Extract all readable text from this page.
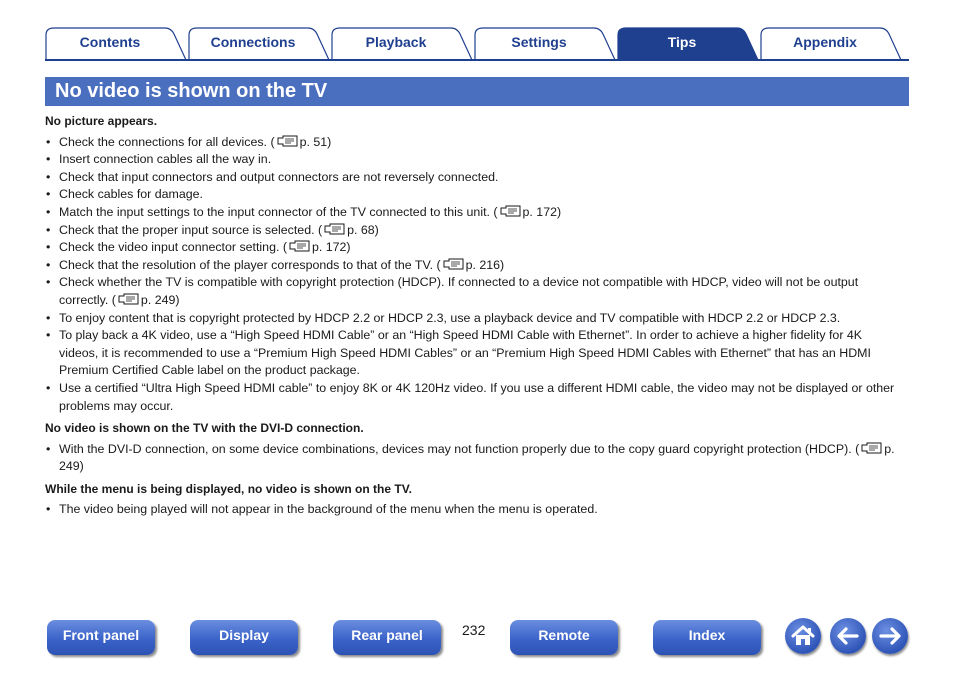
Contents	Connections	Playback	Settings	Tips	Appendix
No video is shown on the TV
No picture appears.
• Check the connections for all devices. ( p. 51)
• Insert connection cables all the way in.
• Check that input connectors and output connectors are not reversely connected.
• Check cables for damage.
• Match the input settings to the input connector of the TV connected to this unit. ( p. 172)
• Check that the proper input source is selected. ( p. 68)
• Check the video input connector setting. ( p. 172)
• Check that the resolution of the player corresponds to that of the TV. ( p. 216)
• Check whether the TV is compatible with copyright protection (HDCP). If connected to a device not compatible with HDCP, video will not be output correctly. ( p. 249)
• To enjoy content that is copyright protected by HDCP 2.2 or HDCP 2.3, use a playback device and TV compatible with HDCP 2.2 or HDCP 2.3.
• To play back a 4K video, use a “High Speed HDMI Cable” or an “High Speed HDMI Cable with Ethernet”. In order to achieve a higher fidelity for 4K videos, it is recommended to use a “Premium High Speed HDMI Cables” or an “Premium High Speed HDMI Cables with Ethernet” that has an HDMI Premium Certified Cable label on the product package.
• Use a certified “Ultra High Speed HDMI cable” to enjoy 8K or 4K 120Hz video. If you use a different HDMI cable, the video may not be displayed or other problems may occur.
No video is shown on the TV with the DVI-D connection.
• With the DVI-D connection, on some device combinations, devices may not function properly due to the copy guard copyright protection (HDCP). ( p. 249)
While the menu is being displayed, no video is shown on the TV.
• The video being played will not appear in the background of the menu when the menu is operated.
Front panel	Display	Rear panel	Remote	Index
232
